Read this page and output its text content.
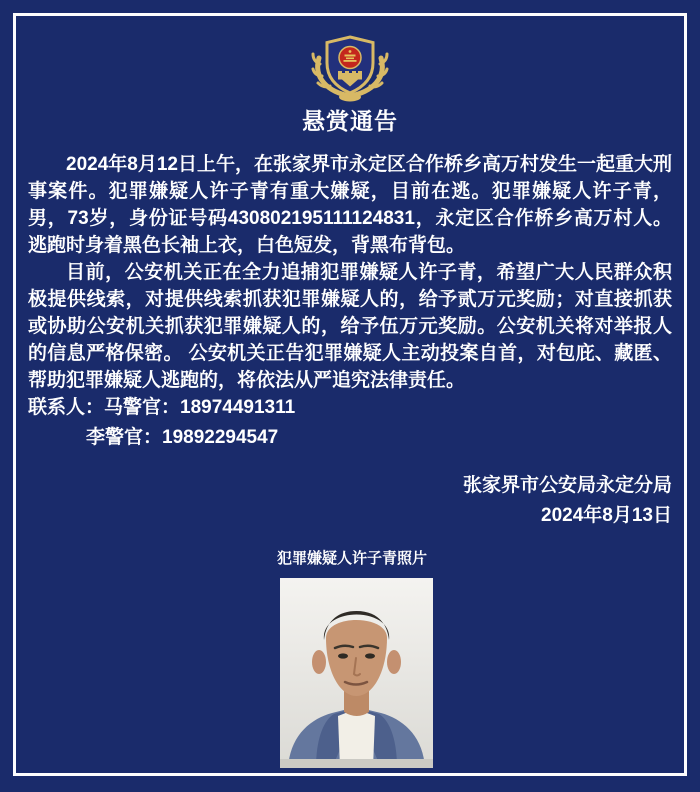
悬赏通告

2024年8月12日上午，在张家界市永定区合作桥乡高万村发生一起重大刑事案件。犯罪嫌疑人许子青有重大嫌疑，目前在逃。犯罪嫌疑人许子青，男，73岁，身份证号码430802195111124831，永定区合作桥乡高万村人。逃跑时身着黑色长袖上衣，白色短发，背黑布背包。

目前，公安机关正在全力追捕犯罪嫌疑人许子青，希望广大人民群众积极提供线索，对提供线索抓获犯罪嫌疑人的，给予贰万元奖励；对直接抓获或协助公安机关抓获犯罪嫌疑人的，给予伍万元奖励。公安机关将对举报人的信息严格保密。 公安机关正告犯罪嫌疑人主动投案自首，对包庇、藏匿、帮助犯罪嫌疑人逃跑的，将依法从严追究法律责任。

联系人：马警官：18974491311
李警官：19892294547
张家界市公安局永定分局
2024年8月13日
犯罪嫌疑人许子青照片
